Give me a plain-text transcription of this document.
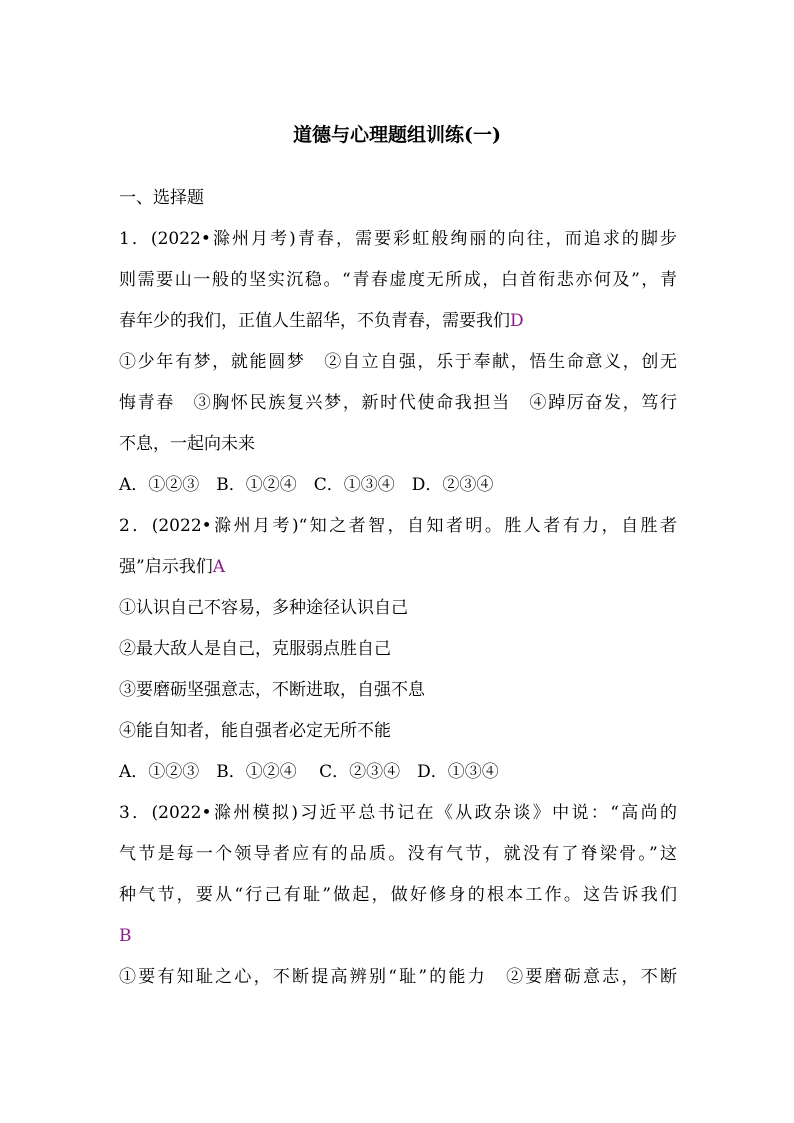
道德与心理题组训练(一)
一、选择题
1．(2022•滁州月考)青春，需要彩虹般绚丽的向往，而追求的脚步
则需要山一般的坚实沉稳。“青春虚度无所成，白首衔悲亦何及”，青
春年少的我们，正值人生韶华，不负青春，需要我们D
①少年有梦，就能圆梦　②自立自强，乐于奉献，悟生命意义，创无
悔青春　③胸怀民族复兴梦，新时代使命我担当　④踔厉奋发，笃行
不息，一起向未来
A．①②③　B．①②④　C．①③④　D．②③④
2．(2022•滁州月考)“知之者智，自知者明。胜人者有力，自胜者
强”启示我们A
①认识自己不容易，多种途径认识自己
②最大敌人是自己，克服弱点胜自己
③要磨砺坚强意志，不断进取，自强不息
④能自知者，能自强者必定无所不能
A．①②③　B．①②④　 C．②③④　D．①③④
3．(2022•滁州模拟)习近平总书记在《从政杂谈》中说：“高尚的
气节是每一个领导者应有的品质。没有气节，就没有了脊梁骨。”这
种气节，要从“行己有耻”做起，做好修身的根本工作。这告诉我们
B
①要有知耻之心，不断提高辨别“耻”的能力　②要磨砺意志，不断
